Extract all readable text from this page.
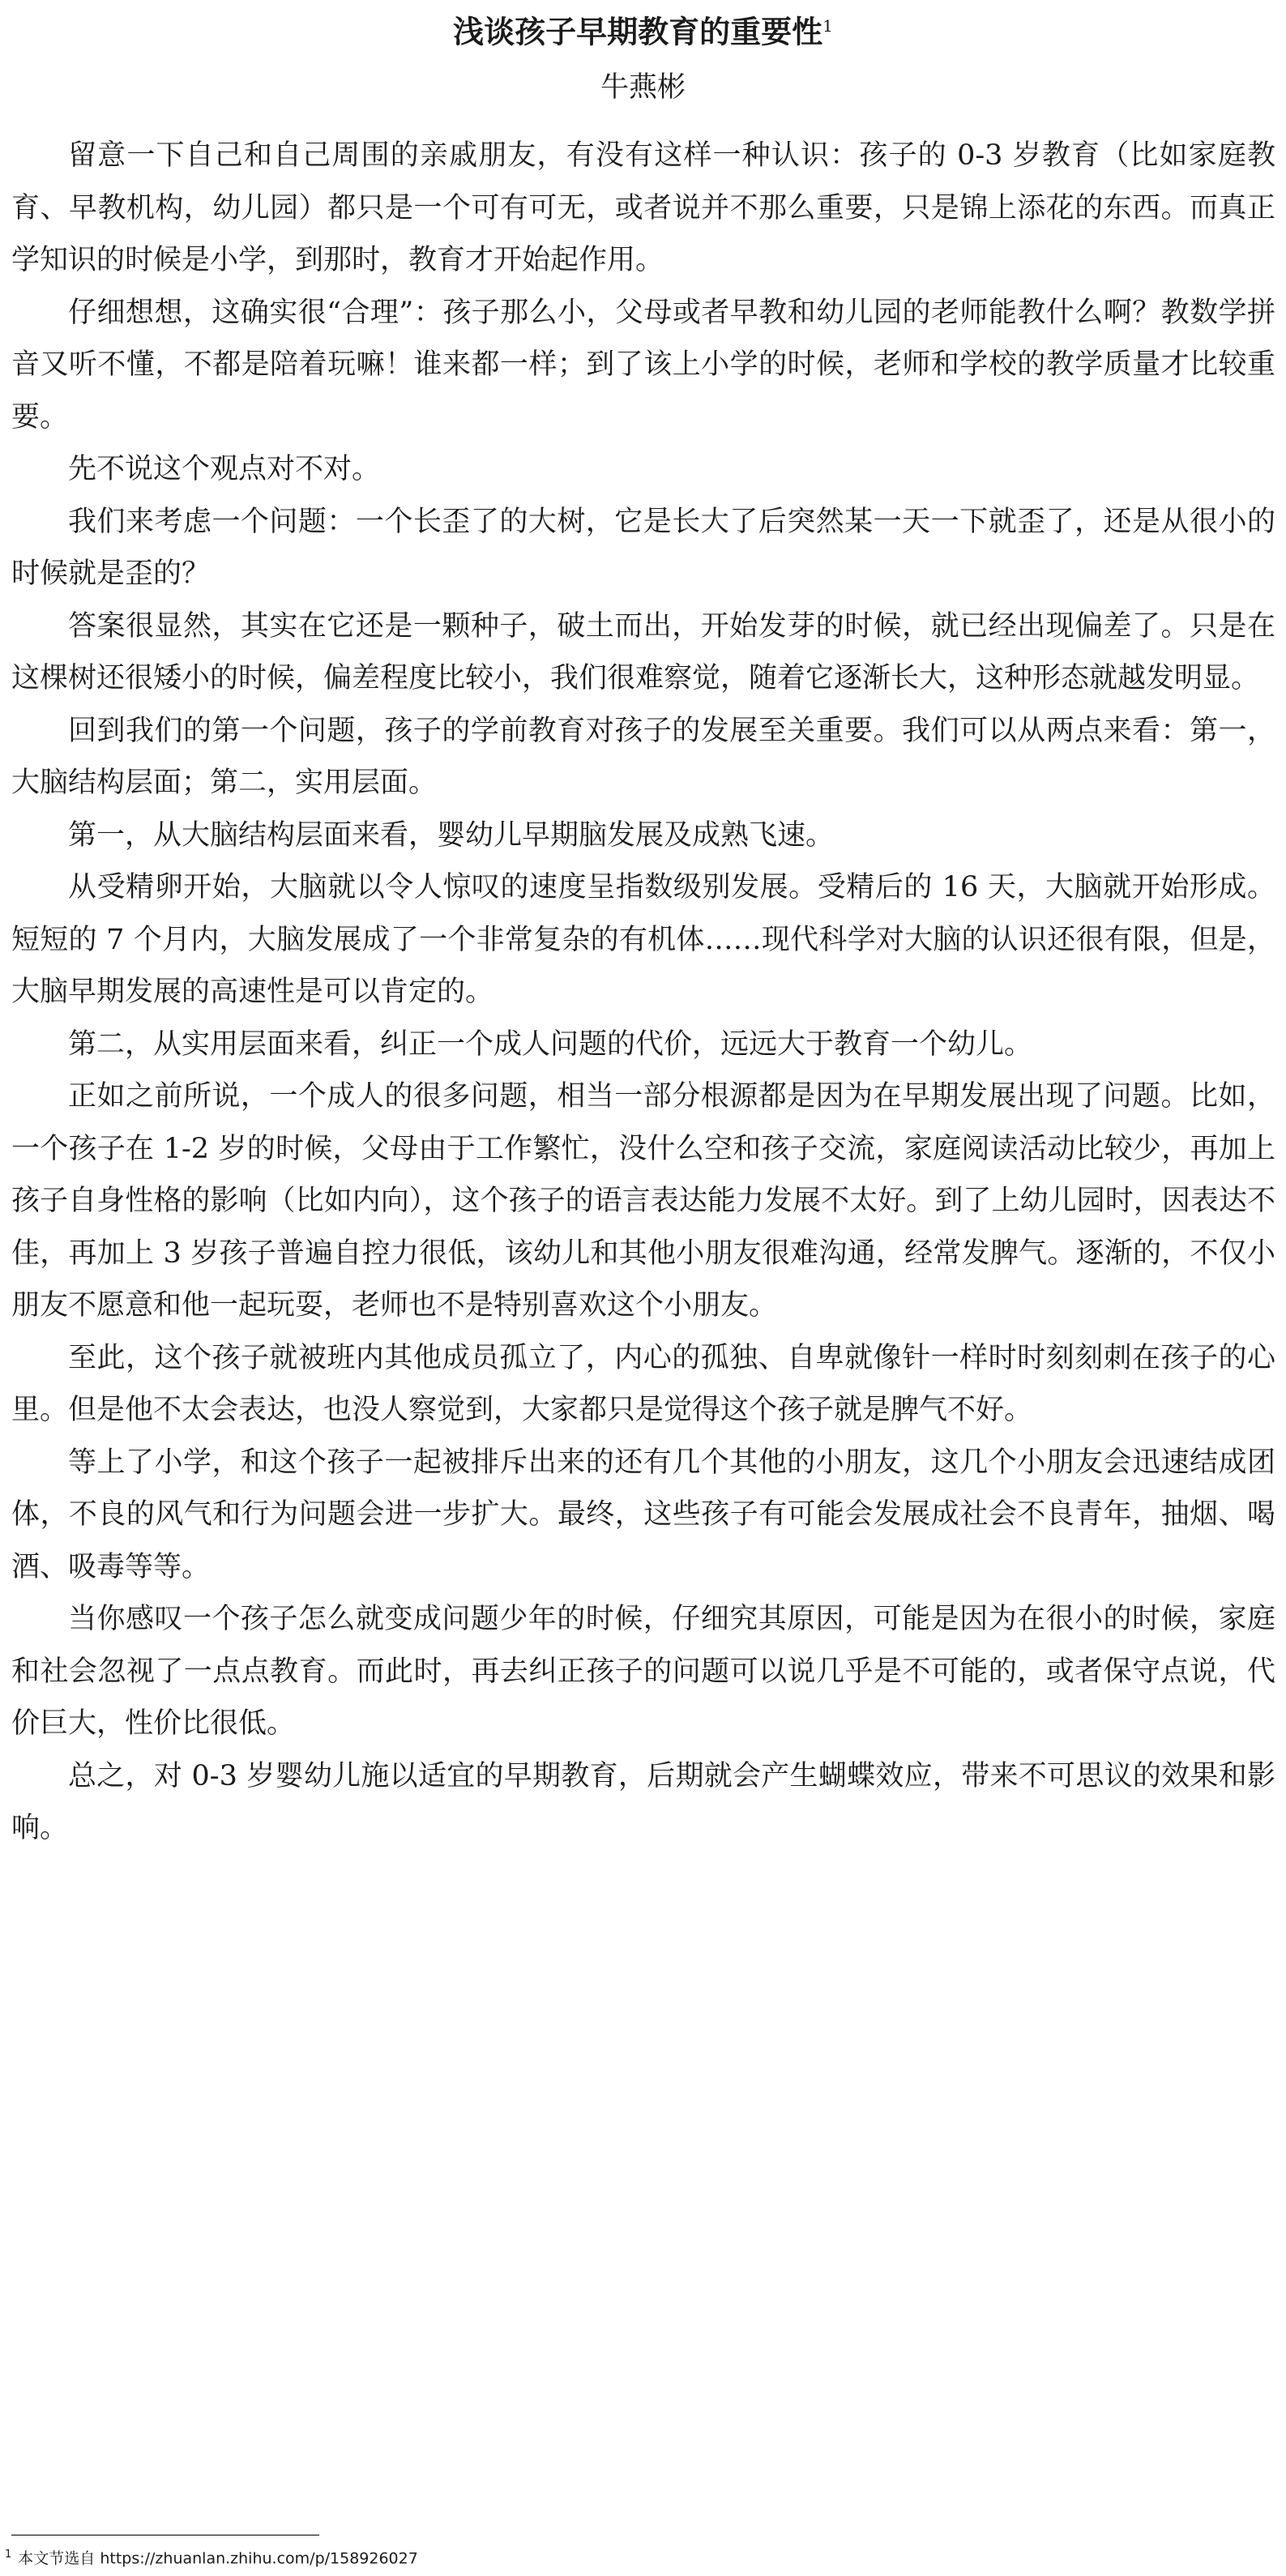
浅谈孩子早期教育的重要性$^1$
牛燕彬

留意一下自己和自己周围的亲戚朋友，有没有这样一种认识：孩子的 0-3 岁教育（比如家庭教育、早教机构，幼儿园）都只是一个可有可无，或者说并不那么重要，只是锦上添花的东西。而真正学知识的时候是小学，到那时，教育才开始起作用。

仔细想想，这确实很“合理”：孩子那么小，父母或者早教和幼儿园的老师能教什么啊？教数学拼音又听不懂，不都是陪着玩嘛！谁来都一样；到了该上小学的时候，老师和学校的教学质量才比较重要。

先不说这个观点对不对。

我们来考虑一个问题：一个长歪了的大树，它是长大了后突然某一天一下就歪了，还是从很小的时候就是歪的？

答案很显然，其实在它还是一颗种子，破土而出，开始发芽的时候，就已经出现偏差了。只是在这棵树还很矮小的时候，偏差程度比较小，我们很难察觉，随着它逐渐长大，这种形态就越发明显。

回到我们的第一个问题，孩子的学前教育对孩子的发展至关重要。我们可以从两点来看：第一，大脑结构层面；第二，实用层面。

第一，从大脑结构层面来看，婴幼儿早期脑发展及成熟飞速。

从受精卵开始，大脑就以令人惊叹的速度呈指数级别发展。受精后的 16 天，大脑就开始形成。短短的 7 个月内，大脑发展成了一个非常复杂的有机体……现代科学对大脑的认识还很有限，但是，大脑早期发展的高速性是可以肯定的。

第二，从实用层面来看，纠正一个成人问题的代价，远远大于教育一个幼儿。

正如之前所说，一个成人的很多问题，相当一部分根源都是因为在早期发展出现了问题。比如，一个孩子在 1-2 岁的时候，父母由于工作繁忙，没什么空和孩子交流，家庭阅读活动比较少，再加上孩子自身性格的影响（比如内向），这个孩子的语言表达能力发展不太好。到了上幼儿园时，因表达不佳，再加上 3 岁孩子普遍自控力很低，该幼儿和其他小朋友很难沟通，经常发脾气。逐渐的，不仅小朋友不愿意和他一起玩耍，老师也不是特别喜欢这个小朋友。

至此，这个孩子就被班内其他成员孤立了，内心的孤独、自卑就像针一样时时刻刻刺在孩子的心里。但是他不太会表达，也没人察觉到，大家都只是觉得这个孩子就是脾气不好。

等上了小学，和这个孩子一起被排斥出来的还有几个其他的小朋友，这几个小朋友会迅速结成团体，不良的风气和行为问题会进一步扩大。最终，这些孩子有可能会发展成社会不良青年，抽烟、喝酒、吸毒等等。

当你感叹一个孩子怎么就变成问题少年的时候，仔细究其原因，可能是因为在很小的时候，家庭和社会忽视了一点点教育。而此时，再去纠正孩子的问题可以说几乎是不可能的，或者保守点说，代价巨大，性价比很低。

总之，对 0-3 岁婴幼儿施以适宜的早期教育，后期就会产生蝴蝶效应，带来不可思议的效果和影响。

$^1$ 本文节选自 https://zhuanlan.zhihu.com/p/158926027
